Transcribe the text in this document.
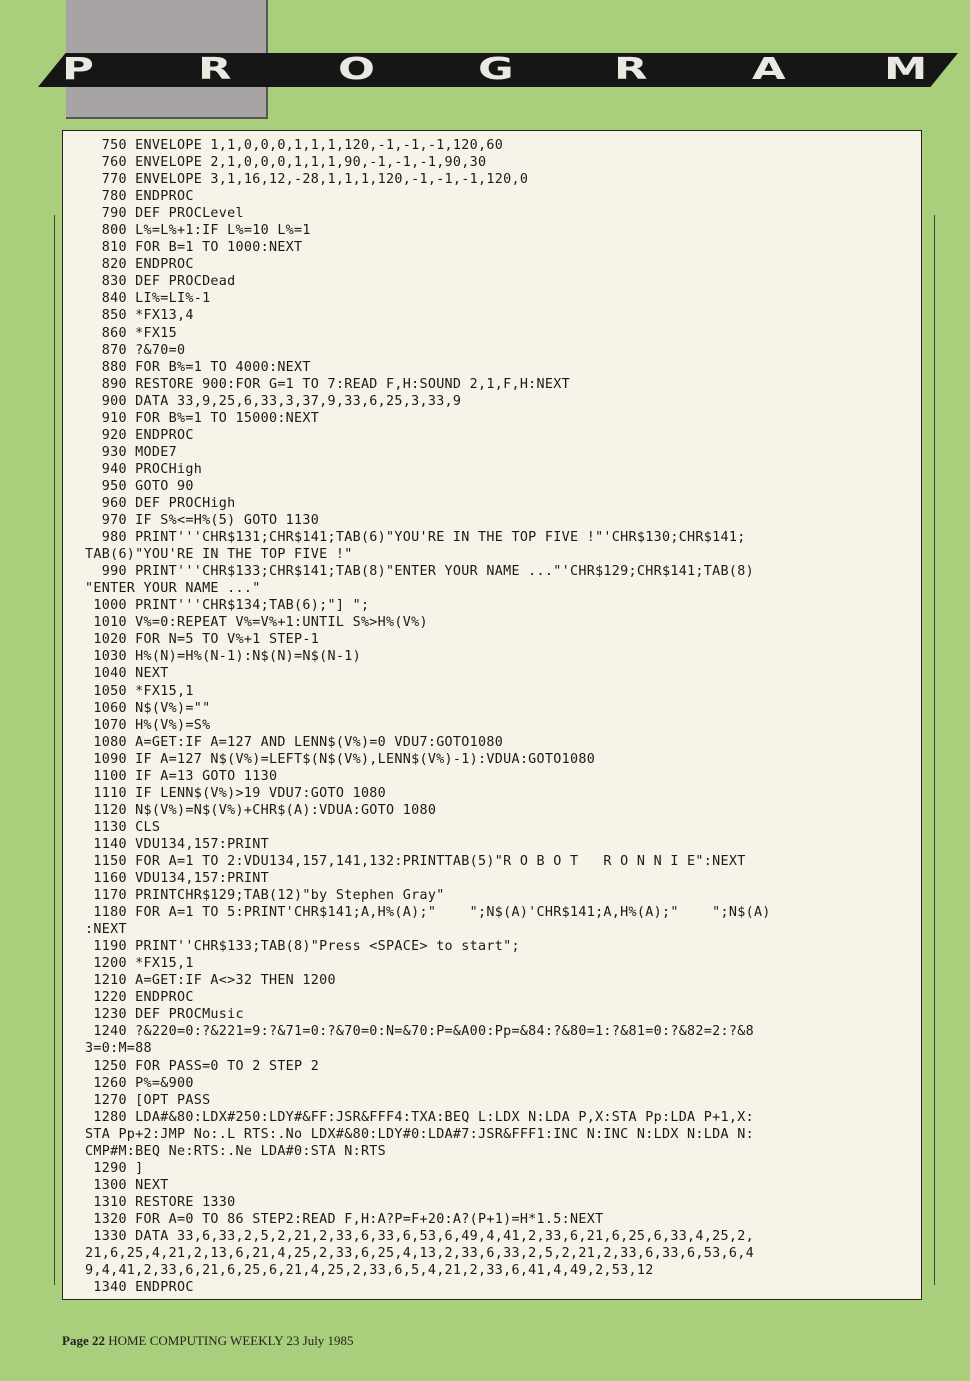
P	R	O	G	R	A	M
750 ENVELOPE 1,1,0,0,0,1,1,1,120,-1,-1,-1,120,60
760 ENVELOPE 2,1,0,0,0,1,1,1,90,-1,-1,-1,90,30
770 ENVELOPE 3,1,16,12,-28,1,1,1,120,-1,-1,-1,120,0
780 ENDPROC
790 DEF PROCLevel
800 L%=L%+1:IF L%=10 L%=1
810 FOR B=1 TO 1000:NEXT
820 ENDPROC
830 DEF PROCDead
840 LI%=LI%-1
850 *FX13,4
860 *FX15
870 ?&70=0
880 FOR B%=1 TO 4000:NEXT
890 RESTORE 900:FOR G=1 TO 7:READ F,H:SOUND 2,1,F,H:NEXT
900 DATA 33,9,25,6,33,3,37,9,33,6,25,3,33,9
910 FOR B%=1 TO 15000:NEXT
920 ENDPROC
930 MODE7
940 PROCHigh
950 GOTO 90
960 DEF PROCHigh
970 IF S%<=H%(5) GOTO 1130
980 PRINT'''CHR$131;CHR$141;TAB(6)"YOU'RE IN THE TOP FIVE !"'CHR$130;CHR$141;
TAB(6)"YOU'RE IN THE TOP FIVE !"
990 PRINT'''CHR$133;CHR$141;TAB(8)"ENTER YOUR NAME ..."'CHR$129;CHR$141;TAB(8)
"ENTER YOUR NAME ..."
1000 PRINT'''CHR$134;TAB(6);"] ";
1010 V%=0:REPEAT V%=V%+1:UNTIL S%>H%(V%)
1020 FOR N=5 TO V%+1 STEP-1
1030 H%(N)=H%(N-1):N$(N)=N$(N-1)
1040 NEXT
1050 *FX15,1
1060 N$(V%)=""
1070 H%(V%)=S%
1080 A=GET:IF A=127 AND LENN$(V%)=0 VDU7:GOTO1080
1090 IF A=127 N$(V%)=LEFT$(N$(V%),LENN$(V%)-1):VDUA:GOTO1080
1100 IF A=13 GOTO 1130
1110 IF LENN$(V%)>19 VDU7:GOTO 1080
1120 N$(V%)=N$(V%)+CHR$(A):VDUA:GOTO 1080
1130 CLS
1140 VDU134,157:PRINT
1150 FOR A=1 TO 2:VDU134,157,141,132:PRINTTAB(5)"R O B O T   R O N N I E":NEXT
1160 VDU134,157:PRINT
1170 PRINTCHR$129;TAB(12)"by Stephen Gray"
1180 FOR A=1 TO 5:PRINT'CHR$141;A,H%(A);"    ";N$(A)'CHR$141;A,H%(A);"    ";N$(A)
:NEXT
1190 PRINT''CHR$133;TAB(8)"Press <SPACE> to start";
1200 *FX15,1
1210 A=GET:IF A<>32 THEN 1200
1220 ENDPROC
1230 DEF PROCMusic
1240 ?&220=0:?&221=9:?&71=0:?&70=0:N=&70:P=&A00:Pp=&84:?&80=1:?&81=0:?&82=2:?&8
3=0:M=88
1250 FOR PASS=0 TO 2 STEP 2
1260 P%=&900
1270 [OPT PASS
1280 LDA#&80:LDX#250:LDY#&FF:JSR&FFF4:TXA:BEQ L:LDX N:LDA P,X:STA Pp:LDA P+1,X:
STA Pp+2:JMP No:.L RTS:.No LDX#&80:LDY#0:LDA#7:JSR&FFF1:INC N:INC N:LDX N:LDA N:
CMP#M:BEQ Ne:RTS:.Ne LDA#0:STA N:RTS
1290 ]
1300 NEXT
1310 RESTORE 1330
1320 FOR A=0 TO 86 STEP2:READ F,H:A?P=F+20:A?(P+1)=H*1.5:NEXT
1330 DATA 33,6,33,2,5,2,21,2,33,6,33,6,53,6,49,4,41,2,33,6,21,6,25,6,33,4,25,2,
21,6,25,4,21,2,13,6,21,4,25,2,33,6,25,4,13,2,33,6,33,2,5,2,21,2,33,6,33,6,53,6,4
9,4,41,2,33,6,21,6,25,6,21,4,25,2,33,6,5,4,21,2,33,6,41,4,49,2,53,12
1340 ENDPROC
Page 22 HOME COMPUTING WEEKLY 23 July 1985
